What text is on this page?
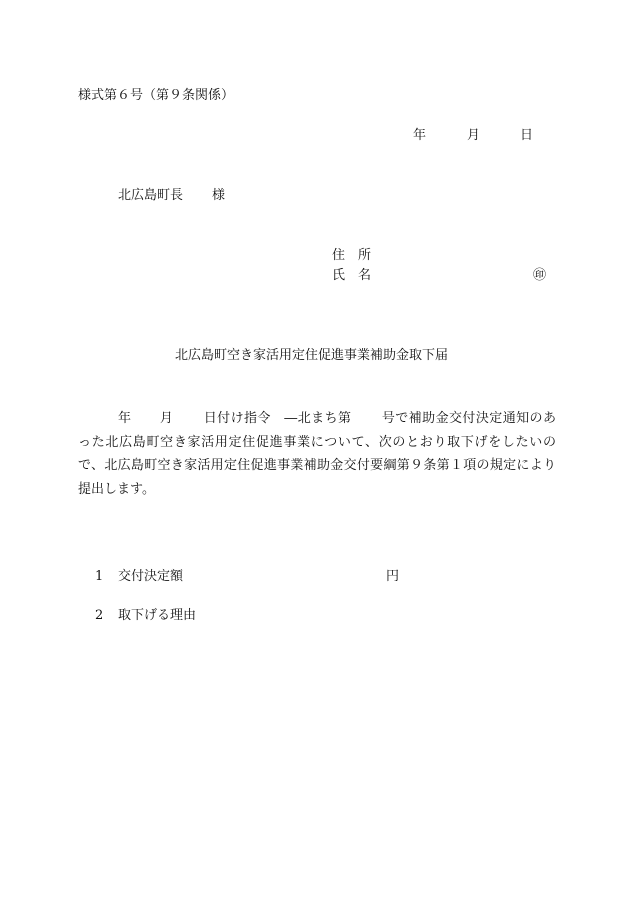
様式第６号（第９条関係）
年	月	日
北広島町長 様
住　所
氏　名	㊞
北広島町空き家活用定住促進事業補助金取下届
年 月 日付け指令　 ―北まち第 号で補助金交付決定通知のあった北広島町空き家活用定住促進事業について、次のとおり取下げをしたいので、北広島町空き家活用定住促進事業補助金交付要綱第９条第１項の規定により提出します。
1 交付決定額	円
2 取下げる理由
